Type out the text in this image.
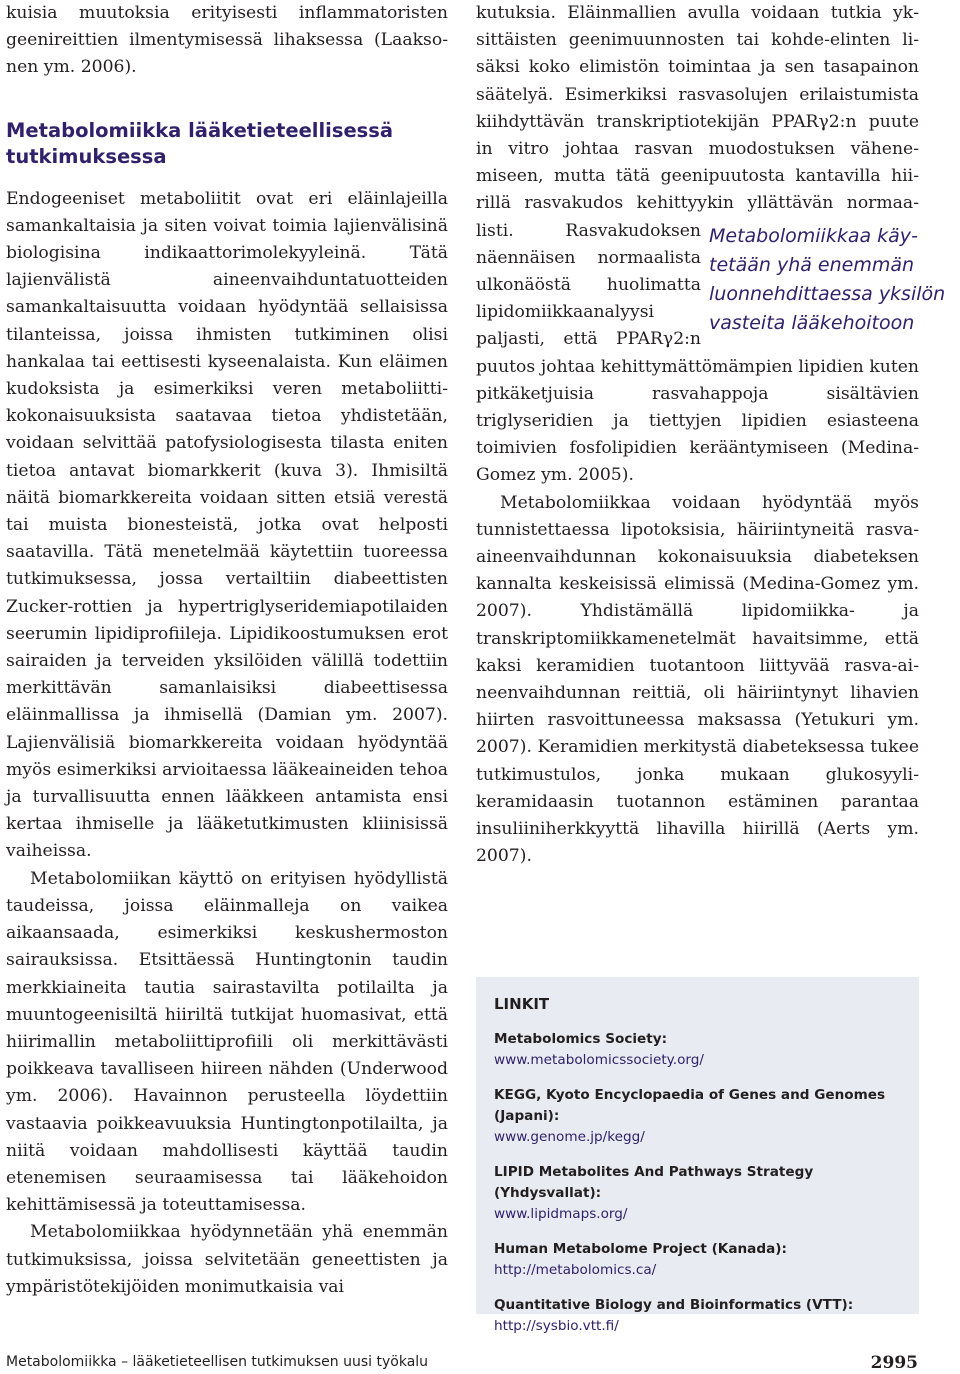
kuisia muutoksia erityisesti inflammatoristen geenireittien ilmentymisessä lihaksessa (Laaksonen ym. 2006).

Metabolomiikka lääketieteellisessä tutkimuksessa

Endogeeniset metaboliitit ovat eri eläinlajeilla samankaltaisia ja siten voivat toimia lajienvälisinä biologisina indikaattorimolekyyleinä. Tätä lajienvälistä aineenvaihduntatuotteiden samankaltaisuutta voidaan hyödyntää sellaisissa tilanteissa, joissa ihmisten tutkiminen olisi hankalaa tai eettisesti kyseenalaista. Kun eläimen kudoksista ja esimerkiksi veren metaboliittikokonaisuuksista saatavaa tietoa yhdistetään, voidaan selvittää patofysiologisesta tilasta eniten tietoa antavat biomarkkerit (kuva 3). Ihmisiltä näitä biomarkkereita voidaan sitten etsiä verestä tai muista bionesteistä, jotka ovat helposti saatavilla. Tätä menetelmää käytettiin tuoreessa tutkimuksessa, jossa vertailtiin diabeettisten Zucker-rottien ja hypertriglyseridemiapotilaiden seerumin lipidiprofiileja. Lipidikoostumuksen erot sairaiden ja terveiden yksilöiden välillä todettiin merkittävän samanlaisiksi diabeettisessa eläinmallissa ja ihmisellä (Damian ym. 2007). Lajienvälisiä biomarkkereita voidaan hyödyntää myös esimerkiksi arvioitaessa lääkeaineiden tehoa ja turvallisuutta ennen lääkkeen antamista ensi kertaa ihmiselle ja lääketutkimusten kliinisissä vaiheissa.

Metabolomiikan käyttö on erityisen hyödyllistä taudeissa, joissa eläinmalleja on vaikea aikaansaada, esimerkiksi keskushermoston sairauksissa. Etsittäessä Huntingtonin taudin merkkiaineita tautia sairastavilta potilailta ja muuntogeenisiltä hiiriltä tutkijat huomasivat, että hiirimallin metaboliittiprofiili oli merkittävästi poikkeava tavalliseen hiireen nähden (Underwood ym. 2006). Havainnon perusteella löydettiin vastaavia poikkeavuuksia Huntingtonpotilailta, ja niitä voidaan mahdollisesti käyttää taudin etenemisen seuraamisessa tai lääkehoidon kehittämisessä ja toteuttamisessa.

Metabolomiikkaa hyödynnetään yhä enemmän tutkimuksissa, joissa selvitetään geneettisten ja ympäristötekijöiden monimutkaisia vai

kutuksia. Eläinmallien avulla voidaan tutkia yksittäisten geenimuunnosten tai kohde-elinten lisäksi koko elimistön toimintaa ja sen tasapainon säätelyä. Esimerkiksi rasvasolujen erilaistumista kiihdyttävän transkriptiotekijän PPARγ2:n puute in vitro johtaa rasvan muodostuksen vähenemiseen, mutta tätä geenipuutosta kantavilla hiirillä rasvakudos kehittyykin yllättävän normaalisti.	Metabolomiikkaa käytetään yhä enemmän luonnehdittaessa yksilön vasteita lääkehoitoon
Rasvakudoksen näennäisen normaalista ulkonäöstä huolimatta lipidomiikkaanalyysi paljasti, että PPARγ2:n puutos johtaa kehittymättömämpien lipidien kuten pitkäketjuisia rasvahappoja sisältävien triglyseridien ja tiettyjen lipidien esiasteena toimivien fosfolipidien kerääntymiseen (Medina-Gomez ym. 2005).

Metabolomiikkaa voidaan hyödyntää myös tunnistettaessa lipotoksisia, häiriintyneitä rasva-aineenvaihdunnan kokonaisuuksia diabeteksen kannalta keskeisissä elimissä (Medina-Gomez ym. 2007). Yhdistämällä lipidomiikka- ja transkriptomiikkamenetelmät havaitsimme, että kaksi keramidien tuotantoon liittyvää rasva-aineenvaihdunnan reittiä, oli häiriintynyt lihavien hiirten rasvoittuneessa maksassa (Yetukuri ym. 2007). Keramidien merkitystä diabeteksessa tukee tutkimustulos, jonka mukaan glukosyylikeramidaasin tuotannon estäminen parantaa insuliiniherkkyyttä lihavilla hiirillä (Aerts ym. 2007).

LINKIT
Metabolomics Society:
www.metabolomicssociety.org/
KEGG, Kyoto Encyclopaedia of Genes and Genomes (Japani):
www.genome.jp/kegg/
LIPID Metabolites And Pathways Strategy (Yhdysvallat):
www.lipidmaps.org/
Human Metabolome Project (Kanada):
http://metabolomics.ca/
Quantitative Biology and Bioinformatics (VTT):
http://sysbio.vtt.fi/
Metabolomiikka – lääketieteellisen tutkimuksen uusi työkalu	2995
